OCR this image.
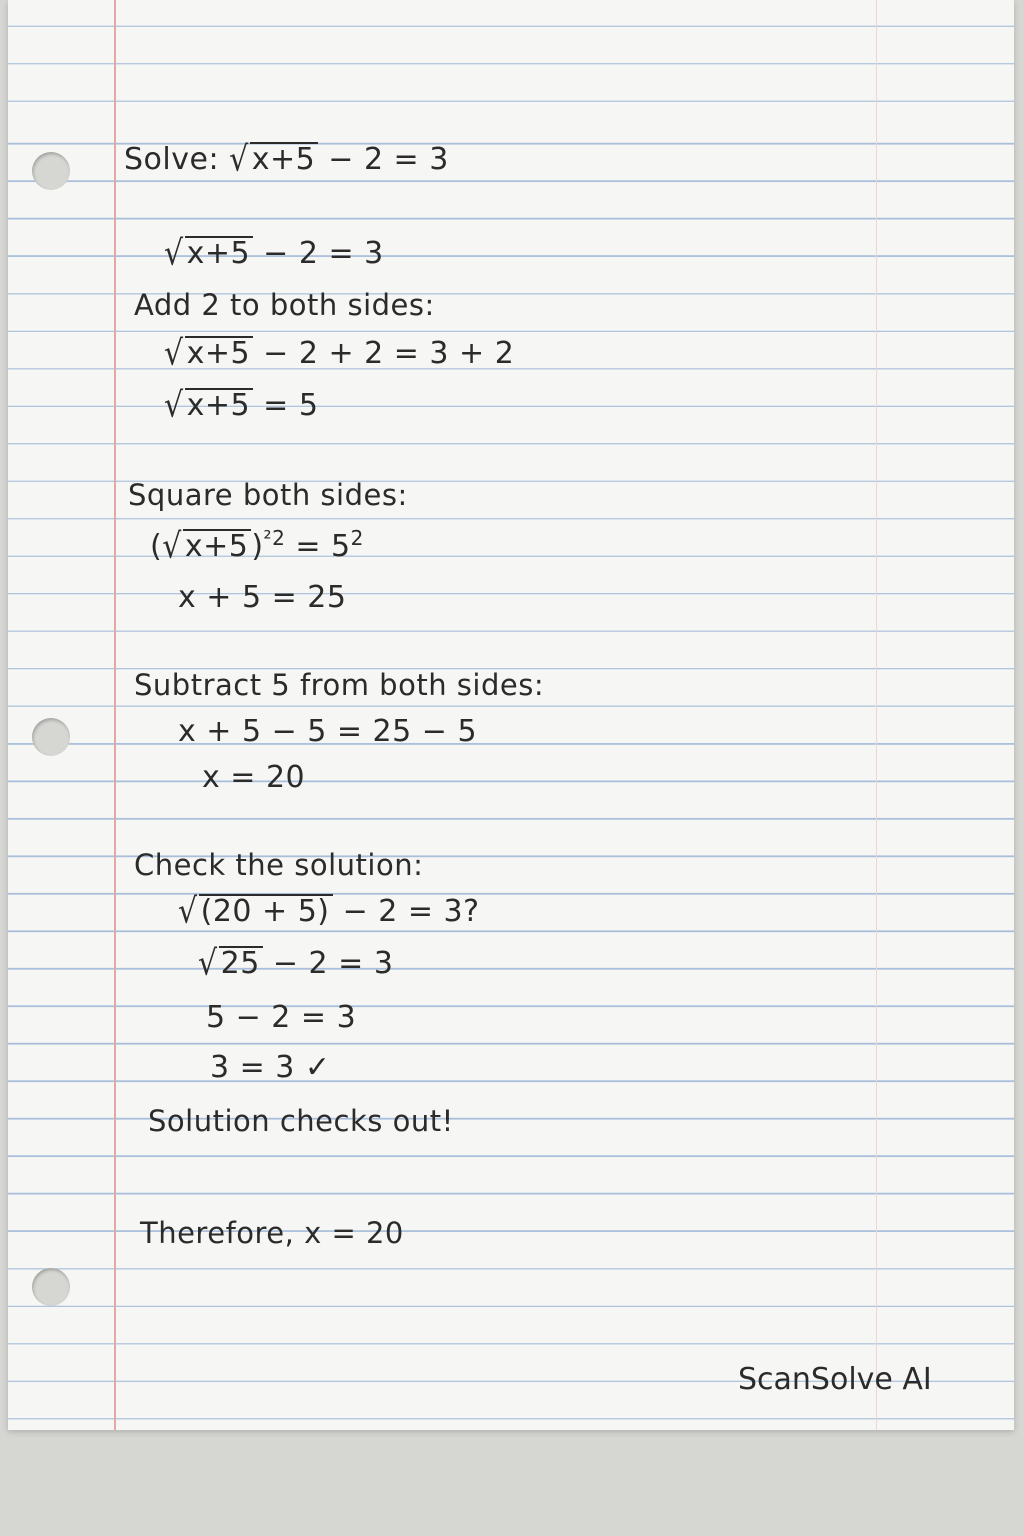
Solve: √ x+5 − 2 = 3
√ x+5 − 2 = 3
Add 2 to both sides:
√ x+5 − 2 + 2 = 3 + 2
√ x+5 = 5
Square both sides:
(√ x+5 )$^{^22} = 5^2$
x + 5 = 25
Subtract 5 from both sides:
x + 5 − 5 = 25 − 5
x = 20
Check the solution:
√ (20 + 5) − 2 = 3?
√ 25 − 2 = 3
5 − 2 = 3
3 = 3 ✓
Solution checks out!
Therefore, x = 20
ScanSolve AI
